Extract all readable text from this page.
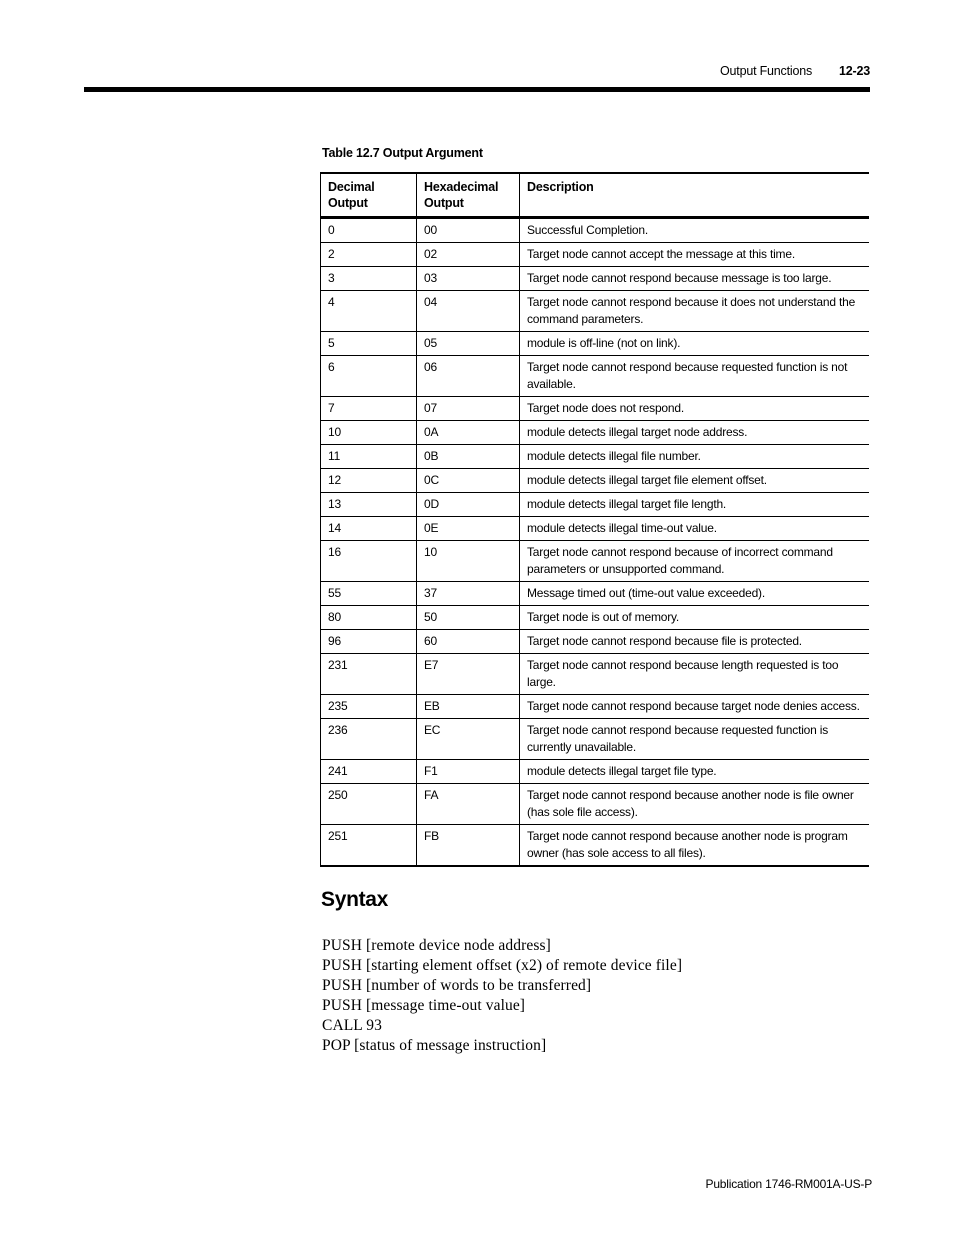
Output Functions 12-23
Table 12.7 Output Argument
Decimal Output	Hexadecimal Output	Description
0	00	Successful Completion.
2	02	Target node cannot accept the message at this time.
3	03	Target node cannot respond because message is too large.
4	04	Target node cannot respond because it does not understand the command parameters.
5	05	module is off-line (not on link).
6	06	Target node cannot respond because requested function is not available.
7	07	Target node does not respond.
10	0A	module detects illegal target node address.
11	0B	module detects illegal file number.
12	0C	module detects illegal target file element offset.
13	0D	module detects illegal target file length.
14	0E	module detects illegal time-out value.
16	10	Target node cannot respond because of incorrect command parameters or unsupported command.
55	37	Message timed out (time-out value exceeded).
80	50	Target node is out of memory.
96	60	Target node cannot respond because file is protected.
231	E7	Target node cannot respond because length requested is too large.
235	EB	Target node cannot respond because target node denies access.
236	EC	Target node cannot respond because requested function is currently unavailable.
241	F1	module detects illegal target file type.
250	FA	Target node cannot respond because another node is file owner (has sole file access).
251	FB	Target node cannot respond because another node is program owner (has sole access to all files).
Syntax
PUSH [remote device node address]
PUSH [starting element offset (x2) of remote device file]
PUSH [number of words to be transferred]
PUSH [message time-out value]
CALL 93
POP [status of message instruction]
Publication 1746-RM001A-US-P
